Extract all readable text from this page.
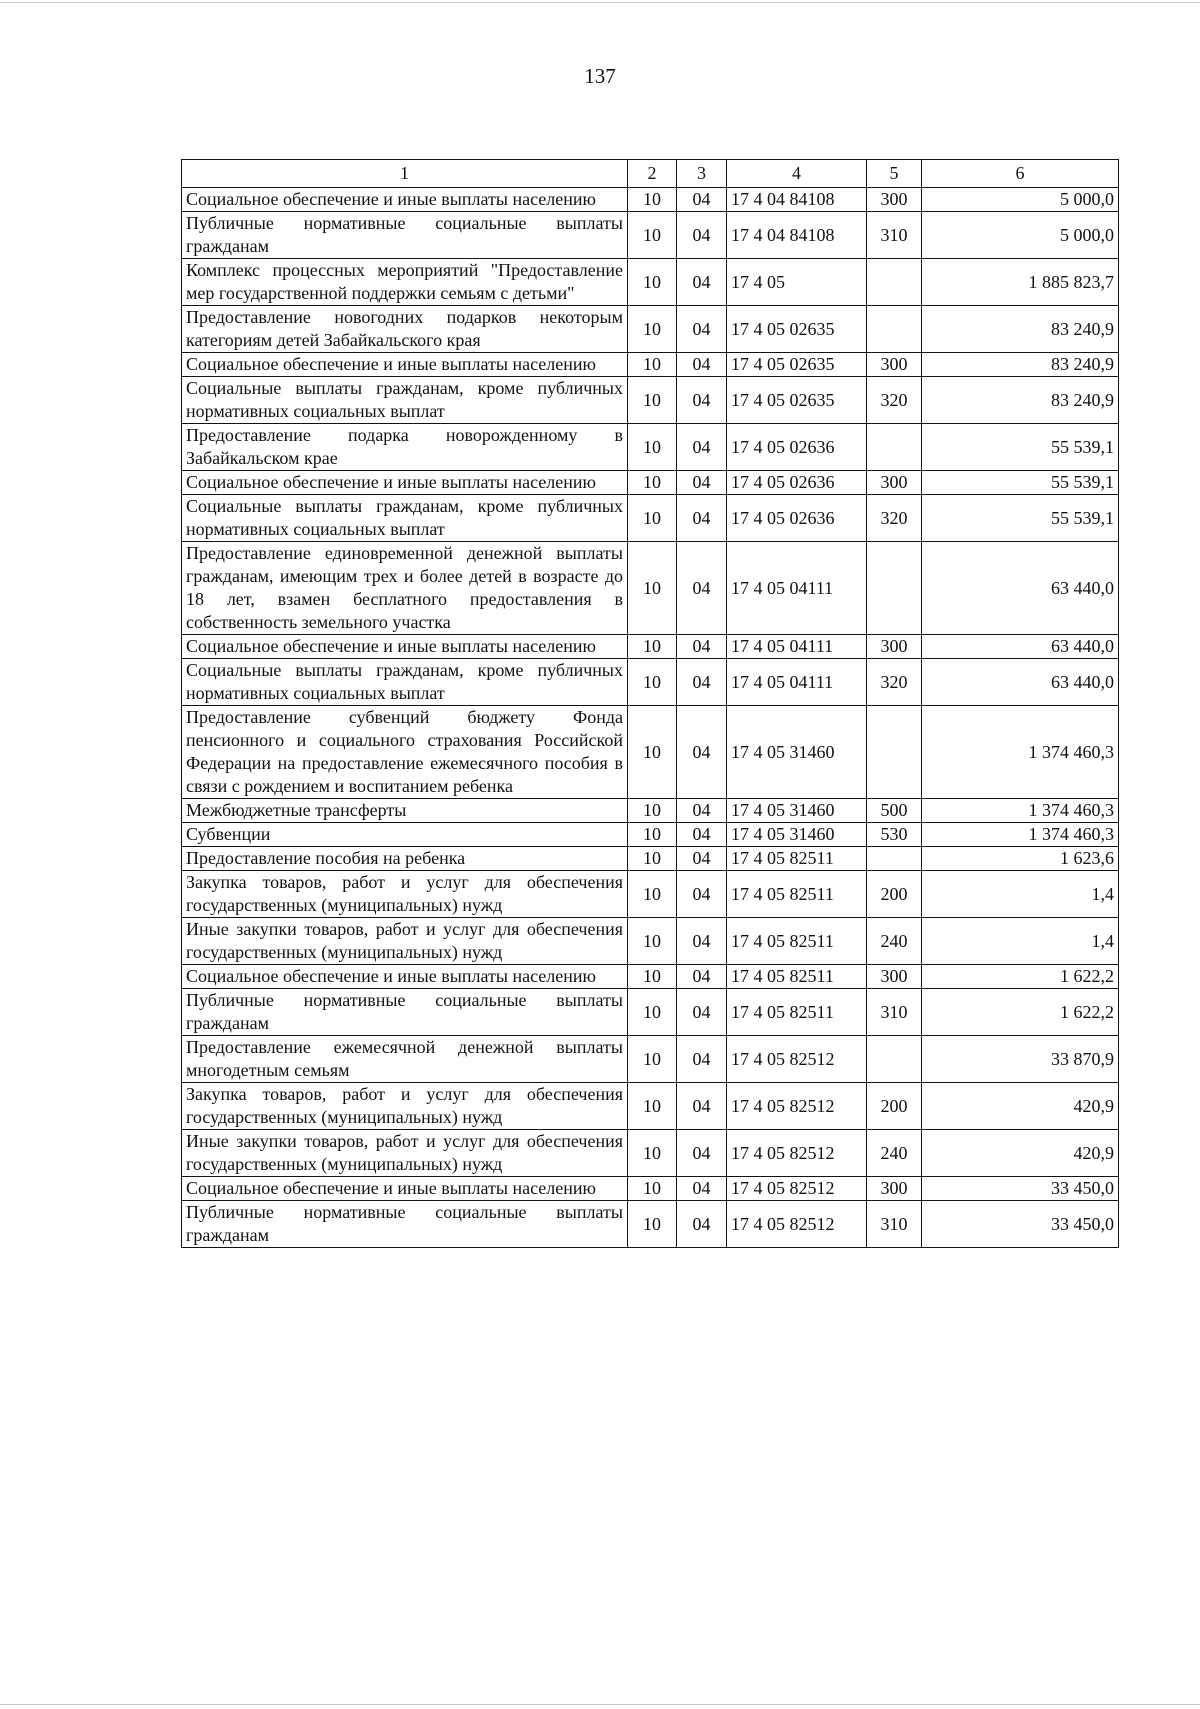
137
1	2	3	4	5	6
Социальное обеспечение и иные выплаты населению	10	04	17 4 04 84108	300	5 000,0
Публичные нормативные социальные выплаты гражданам	10	04	17 4 04 84108	310	5 000,0
Комплекс процессных мероприятий "Предоставление мер государственной поддержки семьям с детьми"	10	04	17 4 05		1 885 823,7
Предоставление новогодних подарков некоторым категориям детей Забайкальского края	10	04	17 4 05 02635		83 240,9
Социальное обеспечение и иные выплаты населению	10	04	17 4 05 02635	300	83 240,9
Социальные выплаты гражданам, кроме публичных нормативных социальных выплат	10	04	17 4 05 02635	320	83 240,9
Предоставление подарка новорожденному в Забайкальском крае	10	04	17 4 05 02636		55 539,1
Социальное обеспечение и иные выплаты населению	10	04	17 4 05 02636	300	55 539,1
Социальные выплаты гражданам, кроме публичных нормативных социальных выплат	10	04	17 4 05 02636	320	55 539,1
Предоставление единовременной денежной выплаты гражданам, имеющим трех и более детей в возрасте до 18 лет, взамен бесплатного предоставления в собственность земельного участка	10	04	17 4 05 04111		63 440,0
Социальное обеспечение и иные выплаты населению	10	04	17 4 05 04111	300	63 440,0
Социальные выплаты гражданам, кроме публичных нормативных социальных выплат	10	04	17 4 05 04111	320	63 440,0
Предоставление субвенций бюджету Фонда пенсионного и социального страхования Российской Федерации на предоставление ежемесячного пособия в связи с рождением и воспитанием ребенка	10	04	17 4 05 31460		1 374 460,3
Межбюджетные трансферты	10	04	17 4 05 31460	500	1 374 460,3
Субвенции	10	04	17 4 05 31460	530	1 374 460,3
Предоставление пособия на ребенка	10	04	17 4 05 82511		1 623,6
Закупка товаров, работ и услуг для обеспечения государственных (муниципальных) нужд	10	04	17 4 05 82511	200	1,4
Иные закупки товаров, работ и услуг для обеспечения государственных (муниципальных) нужд	10	04	17 4 05 82511	240	1,4
Социальное обеспечение и иные выплаты населению	10	04	17 4 05 82511	300	1 622,2
Публичные нормативные социальные выплаты гражданам	10	04	17 4 05 82511	310	1 622,2
Предоставление ежемесячной денежной выплаты многодетным семьям	10	04	17 4 05 82512		33 870,9
Закупка товаров, работ и услуг для обеспечения государственных (муниципальных) нужд	10	04	17 4 05 82512	200	420,9
Иные закупки товаров, работ и услуг для обеспечения государственных (муниципальных) нужд	10	04	17 4 05 82512	240	420,9
Социальное обеспечение и иные выплаты населению	10	04	17 4 05 82512	300	33 450,0
Публичные нормативные социальные выплаты гражданам	10	04	17 4 05 82512	310	33 450,0
